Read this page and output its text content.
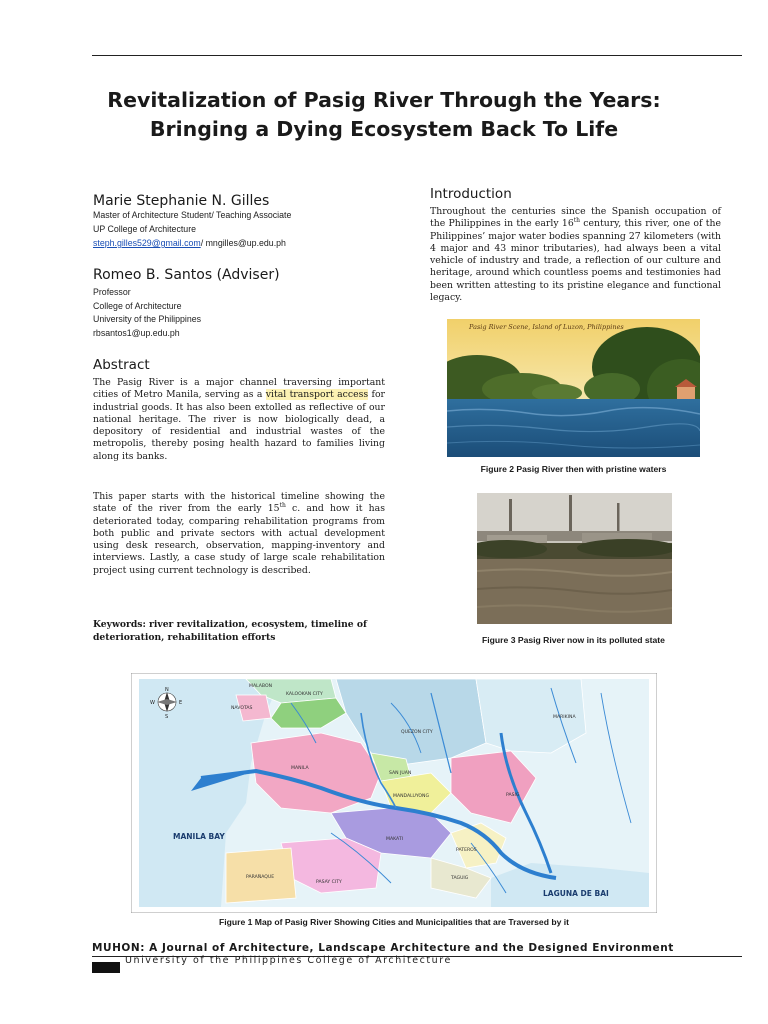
Revitalization of Pasig River Through the Years:
Bringing a Dying Ecosystem Back To Life
Marie Stephanie N. Gilles
Master of Architecture Student/ Teaching Associate
UP College of Architecture
steph.gilles529@gmail.com/ mngilles@up.edu.ph
Romeo B. Santos (Adviser)
Professor
College of Architecture
University of the Philippines
rbsantos1@up.edu.ph
Abstract
The Pasig River is a major channel traversing important cities of Metro Manila, serving as a vital transport access for industrial goods. It has also been extolled as reflective of our national heritage. The river is now biologically dead, a depository of residential and industrial wastes of the metropolis, thereby posing health hazard to families living along its banks.
This paper starts with the historical timeline showing the state of the river from the early 15th c. and how it has deteriorated today, comparing rehabilitation programs from both public and private sectors with actual development using desk research, observation, mapping-inventory and interviews. Lastly, a case study of large scale rehabilitation project using current technology is described.
Keywords: river revitalization, ecosystem, timeline of deterioration, rehabilitation efforts
Introduction
Throughout the centuries since the Spanish occupation of the Philippines in the early 16th century, this river, one of the Philippines’ major water bodies spanning 27 kilometers (with 4 major and 43 minor tributaries), had always been a vital vehicle of industry and trade, a reflection of our culture and heritage, around which countless poems and testimonies had been written attesting to its pristine elegance and functional legacy.
Pasig River Scene, Island of Luzon, Philippines
Figure 2 Pasig River then with pristine waters
Figure 3 Pasig River now in its polluted state
N
S
E
W
MALABON
NAVOTAS
KALOOKAN CITY
QUEZON CITY
MARIKINA
MANILA
SAN JUAN
MANDALUYONG	PASIG
MAKATI
PATEROS
TAGUIG
PARAÑAQUE
PASAY CITY
MANILA BAY
LAGUNA DE BAI
Figure 1 Map of Pasig River Showing Cities and Municipalities that are Traversed by it
MUHON: A Journal of Architecture, Landscape Architecture and the Designed Environment
University of the Philippines College of Architecture
